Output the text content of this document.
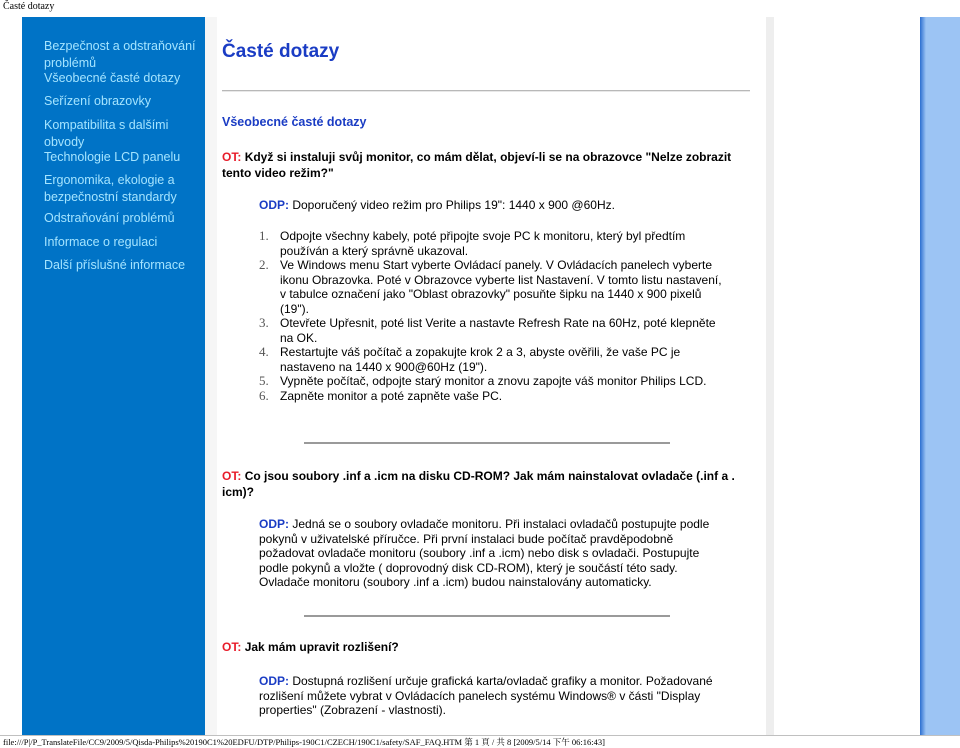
Časté dotazy
Bezpečnost a odstraňování problémů
Všeobecné časté dotazy
Seřízení obrazovky
Kompatibilita s dalšími obvody
Technologie LCD panelu
Ergonomika, ekologie a bezpečnostní standardy
Odstraňování problémů
Informace o regulaci
Další příslušné informace
Časté dotazy
Všeobecné časté dotazy
OT: Když si instaluji svůj monitor, co mám dělat, objeví-li se na obrazovce "Nelze zobrazit tento video režim?"
ODP: Doporučený video režim pro Philips 19": 1440 x 900 @60Hz.
1. Odpojte všechny kabely, poté připojte svoje PC k monitoru, který byl předtím používán a který správně ukazoval.
2. Ve Windows menu Start vyberte Ovládací panely. V Ovládacích panelech vyberte ikonu Obrazovka. Poté v Obrazovce vyberte list Nastavení. V tomto listu nastavení, v tabulce označení jako "Oblast obrazovky" posuňte šipku na 1440 x 900 pixelů (19").
3. Otevřete Upřesnit, poté list Verite a nastavte Refresh Rate na 60Hz, poté klepněte na OK.
4. Restartujte váš počítač a zopakujte krok 2 a 3, abyste ověřili, že vaše PC je nastaveno na 1440 x 900@60Hz (19").
5. Vypněte počítač, odpojte starý monitor a znovu zapojte váš monitor Philips LCD.
6. Zapněte monitor a poté zapněte vaše PC.
OT: Co jsou soubory .inf a .icm na disku CD-ROM? Jak mám nainstalovat ovladače (.inf a . icm)?
ODP: Jedná se o soubory ovladače monitoru. Při instalaci ovladačů postupujte podle pokynů v uživatelské příručce. Při první instalaci bude počítač pravděpodobně požadovat ovladače monitoru (soubory .inf a .icm) nebo disk s ovladači. Postupujte podle pokynů a vložte ( doprovodný disk CD-ROM), který je součástí této sady. Ovladače monitoru (soubory .inf a .icm) budou nainstalovány automaticky.
OT: Jak mám upravit rozlišení?
ODP: Dostupná rozlišení určuje grafická karta/ovladač grafiky a monitor. Požadované rozlišení můžete vybrat v Ovládacích panelech systému Windows® v části "Display properties" (Zobrazení - vlastnosti).
file:///P|/P_TranslateFile/CC9/2009/5/Qisda-Philips%20190C1%20EDFU/DTP/Philips-190C1/CZECH/190C1/safety/SAF_FAQ.HTM 第 1 頁 / 共 8 [2009/5/14 下午 06:16:43]
